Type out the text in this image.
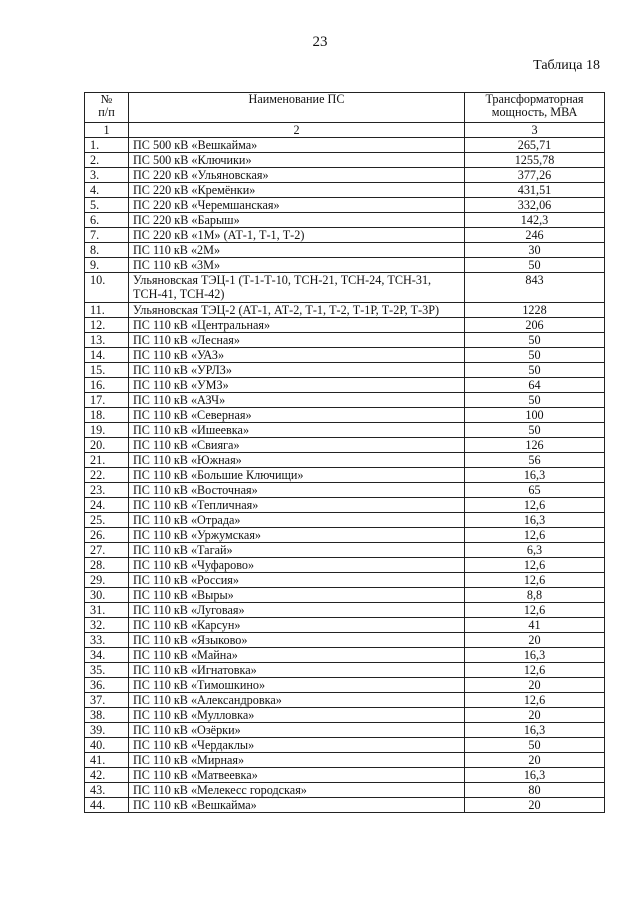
23
Таблица 18
№
п/п	Наименование ПС	Трансформаторная мощность, МВА
1	2	3
1.	ПС 500 кВ «Вешкайма»	265,71
2.	ПС 500 кВ «Ключики»	1255,78
3.	ПС 220 кВ «Ульяновская»	377,26
4.	ПС 220 кВ «Кремёнки»	431,51
5.	ПС 220 кВ «Черемшанская»	332,06
6.	ПС 220 кВ «Барыш»	142,3
7.	ПС 220 кВ «1М» (АТ-1, Т-1, Т-2)	246
8.	ПС 110 кВ «2М»	30
9.	ПС 110 кВ «3М»	50
10.	Ульяновская ТЭЦ-1 (Т-1-Т-10, ТСН-21, ТСН-24, ТСН-31, ТСН-41, ТСН-42)	843
11.	Ульяновская ТЭЦ-2 (АТ-1, АТ-2, Т-1, Т-2, Т-1Р, Т-2Р, Т-3Р)	1228
12.	ПС 110 кВ «Центральная»	206
13.	ПС 110 кВ «Лесная»	50
14.	ПС 110 кВ «УАЗ»	50
15.	ПС 110 кВ «УРЛЗ»	50
16.	ПС 110 кВ «УМЗ»	64
17.	ПС 110 кВ «АЗЧ»	50
18.	ПС 110 кВ «Северная»	100
19.	ПС 110 кВ «Ишеевка»	50
20.	ПС 110 кВ «Свияга»	126
21.	ПС 110 кВ «Южная»	56
22.	ПС 110 кВ «Большие Ключищи»	16,3
23.	ПС 110 кВ «Восточная»	65
24.	ПС 110 кВ «Тепличная»	12,6
25.	ПС 110 кВ «Отрада»	16,3
26.	ПС 110 кВ «Уржумская»	12,6
27.	ПС 110 кВ «Тагай»	6,3
28.	ПС 110 кВ «Чуфарово»	12,6
29.	ПС 110 кВ «Россия»	12,6
30.	ПС 110 кВ «Выры»	8,8
31.	ПС 110 кВ «Луговая»	12,6
32.	ПС 110 кВ «Карсун»	41
33.	ПС 110 кВ «Языково»	20
34.	ПС 110 кВ «Майна»	16,3
35.	ПС 110 кВ «Игнатовка»	12,6
36.	ПС 110 кВ «Тимошкино»	20
37.	ПС 110 кВ «Александровка»	12,6
38.	ПС 110 кВ «Мулловка»	20
39.	ПС 110 кВ «Озёрки»	16,3
40.	ПС 110 кВ «Чердаклы»	50
41.	ПС 110 кВ «Мирная»	20
42.	ПС 110 кВ «Матвеевка»	16,3
43.	ПС 110 кВ «Мелекесс городская»	80
44.	ПС 110 кВ «Вешкайма»	20
